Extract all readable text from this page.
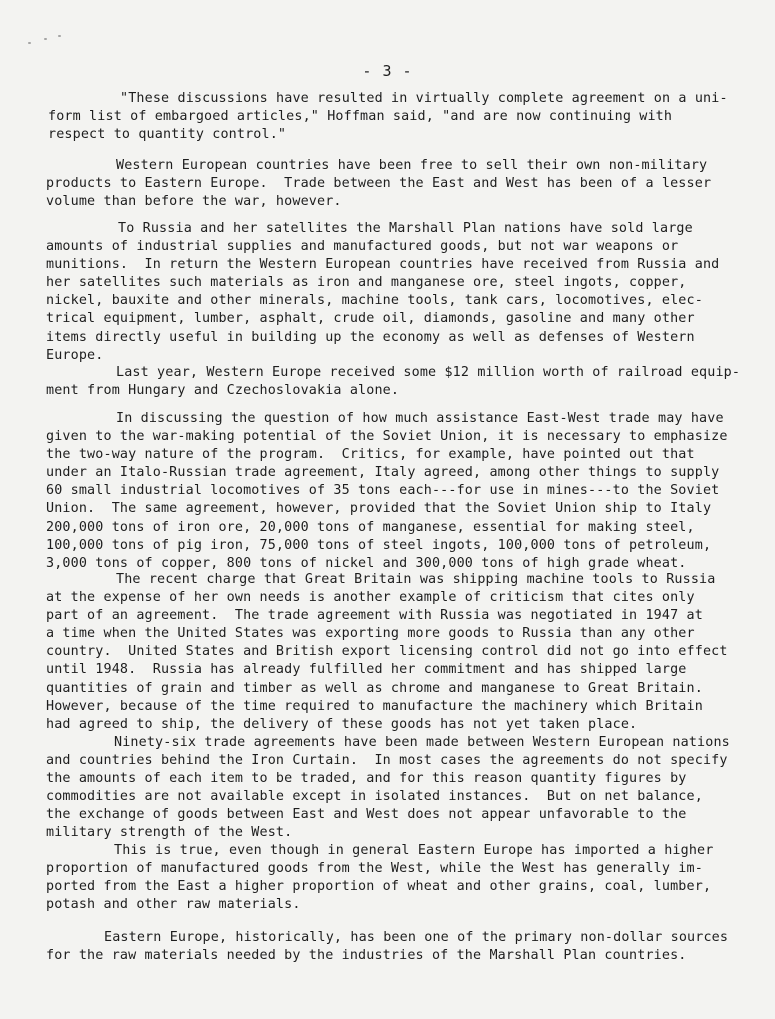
- 3 -

"These discussions have resulted in virtually complete agreement on a uni-
form list of embargoed articles," Hoffman said, "and are now continuing with
respect to quantity control."

Western European countries have been free to sell their own non-military
products to Eastern Europe.  Trade between the East and West has been of a lesser
volume than before the war, however.

To Russia and her satellites the Marshall Plan nations have sold large
amounts of industrial supplies and manufactured goods, but not war weapons or
munitions.  In return the Western European countries have received from Russia and
her satellites such materials as iron and manganese ore, steel ingots, copper,
nickel, bauxite and other minerals, machine tools, tank cars, locomotives, elec-
trical equipment, lumber, asphalt, crude oil, diamonds, gasoline and many other
items directly useful in building up the economy as well as defenses of Western
Europe.

Last year, Western Europe received some $12 million worth of railroad equip-
ment from Hungary and Czechoslovakia alone.

In discussing the question of how much assistance East-West trade may have
given to the war-making potential of the Soviet Union, it is necessary to emphasize
the two-way nature of the program.  Critics, for example, have pointed out that
under an Italo-Russian trade agreement, Italy agreed, among other things to supply
60 small industrial locomotives of 35 tons each---for use in mines---to the Soviet
Union.  The same agreement, however, provided that the Soviet Union ship to Italy
200,000 tons of iron ore, 20,000 tons of manganese, essential for making steel,
100,000 tons of pig iron, 75,000 tons of steel ingots, 100,000 tons of petroleum,
3,000 tons of copper, 800 tons of nickel and 300,000 tons of high grade wheat.

The recent charge that Great Britain was shipping machine tools to Russia
at the expense of her own needs is another example of criticism that cites only
part of an agreement.  The trade agreement with Russia was negotiated in 1947 at
a time when the United States was exporting more goods to Russia than any other
country.  United States and British export licensing control did not go into effect
until 1948.  Russia has already fulfilled her commitment and has shipped large
quantities of grain and timber as well as chrome and manganese to Great Britain.
However, because of the time required to manufacture the machinery which Britain
had agreed to ship, the delivery of these goods has not yet taken place.

Ninety-six trade agreements have been made between Western European nations
and countries behind the Iron Curtain.  In most cases the agreements do not specify
the amounts of each item to be traded, and for this reason quantity figures by
commodities are not available except in isolated instances.  But on net balance,
the exchange of goods between East and West does not appear unfavorable to the
military strength of the West.

This is true, even though in general Eastern Europe has imported a higher
proportion of manufactured goods from the West, while the West has generally im-
ported from the East a higher proportion of wheat and other grains, coal, lumber,
potash and other raw materials.

Eastern Europe, historically, has been one of the primary non-dollar sources
for the raw materials needed by the industries of the Marshall Plan countries.
